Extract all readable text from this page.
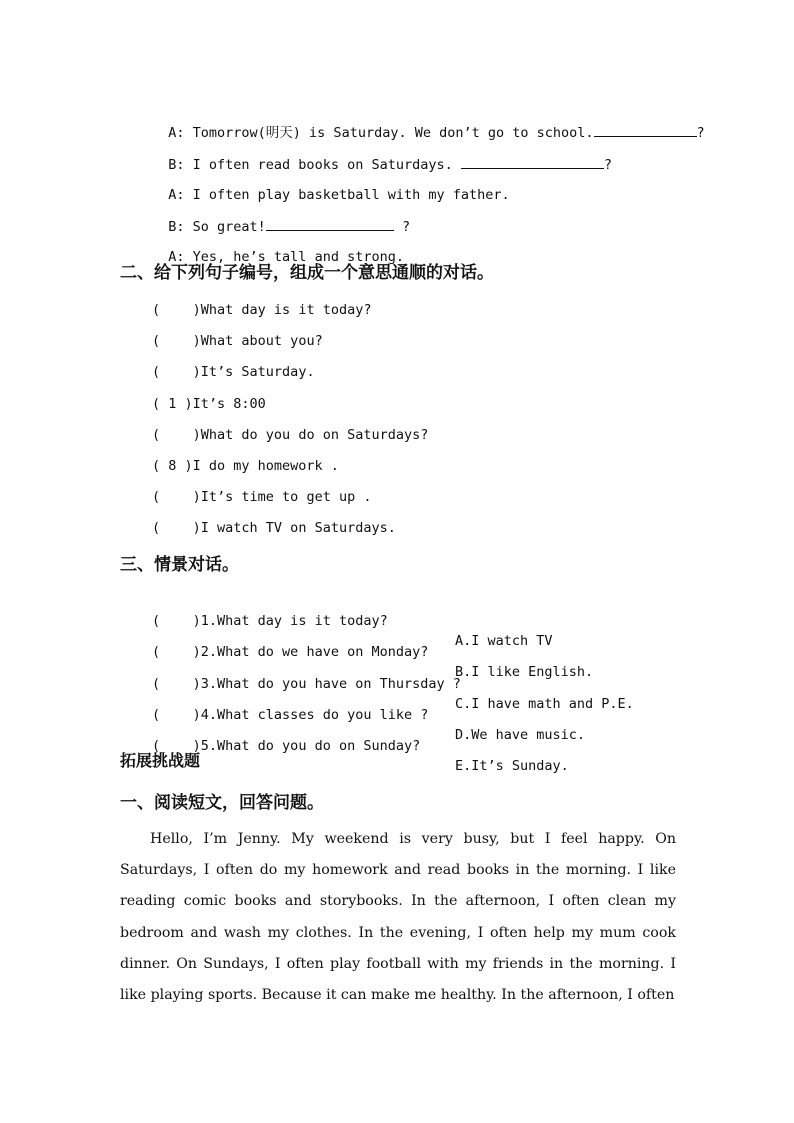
A: Tomorrow(明天) is Saturday. We don’t go to school.	?

B: I often read books on Saturdays.	?

A: I often play basketball with my father.

B: So great!	?

A: Yes, he’s tall and strong.

二、给下列句子编号，组成一个意思通顺的对话。
(    )What day is it today?
(    )What about you?
(    )It’s Saturday.
( 1 )It’s 8:00
(    )What do you do on Saturdays?
( 8 )I do my homework .
(    )It’s time to get up .
(    )I watch TV on Saturdays.
三、情景对话。

(    )1.What day is it today?

A.I watch TV

(    )2.What do we have on Monday?

B.I like English.

(    )3.What do you have on Thursday ?

C.I have math and P.E.

(    )4.What classes do you like ?

D.We have music.

(    )5.What do you do on Sunday?

E.It’s Sunday.

拓展挑战题
一、阅读短文，回答问题。
Hello, I’m Jenny. My weekend is very busy, but I feel happy. On Saturdays, I often do my homework and read books in the morning. I like reading comic books and storybooks. In the afternoon, I often clean my bedroom and wash my clothes. In the evening, I often help my mum cook dinner. On Sundays, I often play football with my friends in the morning. I like playing sports. Because it can make me healthy. In the afternoon, I often
